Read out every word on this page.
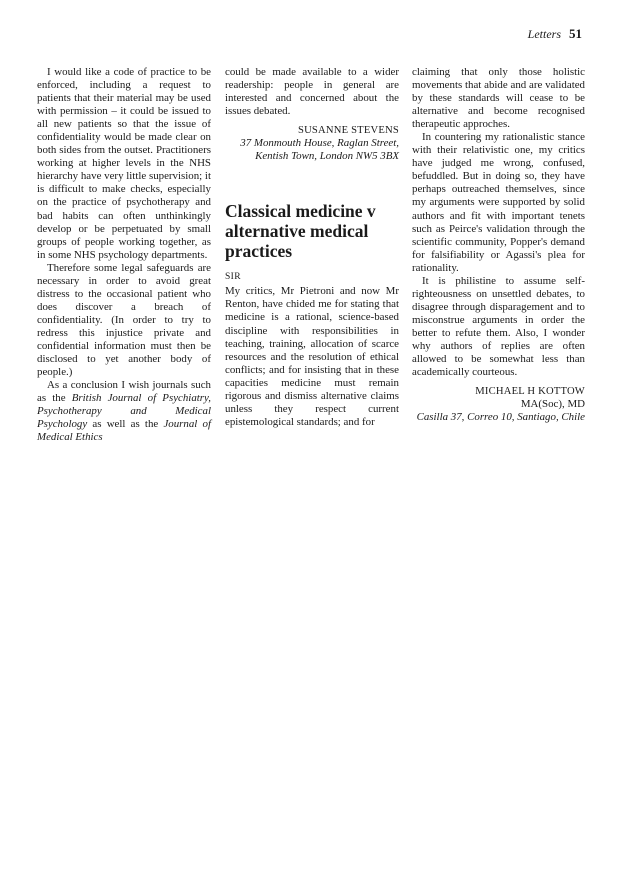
Letters 51

I would like a code of practice to be enforced, including a request to patients that their material may be used with permission – it could be issued to all new patients so that the issue of confidentiality would be made clear on both sides from the outset. Practitioners working at higher levels in the NHS hierarchy have very little supervision; it is difficult to make checks, especially on the practice of psychotherapy and bad habits can often unthinkingly develop or be perpetuated by small groups of people working together, as in some NHS psychology departments.

Therefore some legal safeguards are necessary in order to avoid great distress to the occasional patient who does discover a breach of confidentiality. (In order to try to redress this injustice private and confidential information must then be disclosed to yet another body of people.)

As a conclusion I wish journals such as the British Journal of Psychiatry, Psychotherapy and Medical Psychology as well as the Journal of Medical Ethics

could be made available to a wider readership: people in general are interested and concerned about the issues debated.

SUSANNE STEVENS
37 Monmouth House, Raglan Street,
Kentish Town, London NW5 3BX
Classical medicine v alternative medical practices
SIR

My critics, Mr Pietroni and now Mr Renton, have chided me for stating that medicine is a rational, science-based discipline with responsibilities in teaching, training, allocation of scarce resources and the resolution of ethical conflicts; and for insisting that in these capacities medicine must remain rigorous and dismiss alternative claims unless they respect current epistemological standards; and for

claiming that only those holistic movements that abide and are validated by these standards will cease to be alternative and become recognised therapeutic approches.

In countering my rationalistic stance with their relativistic one, my critics have judged me wrong, confused, befuddled. But in doing so, they have perhaps outreached themselves, since my arguments were supported by solid authors and fit with important tenets such as Peirce's validation through the scientific community, Popper's demand for falsifiability or Agassi's plea for rationality.

It is philistine to assume self-righteousness on unsettled debates, to disagree through disparagement and to misconstrue arguments in order the better to refute them. Also, I wonder why authors of replies are often allowed to be somewhat less than academically courteous.

MICHAEL H KOTTOW
MA(Soc), MD
Casilla 37, Correo 10, Santiago, Chile
